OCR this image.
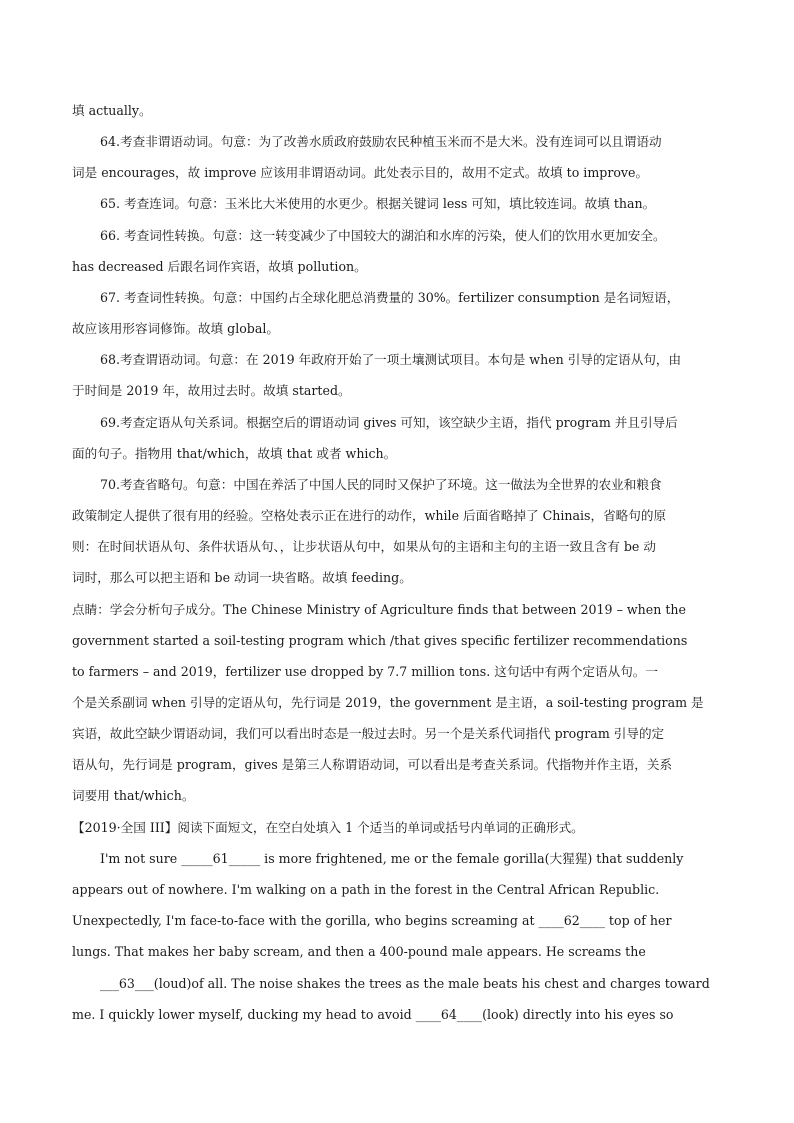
填 actually。
64.考查非谓语动词。句意：为了改善水质政府鼓励农民种植玉米而不是大米。没有连词可以且谓语动
词是 encourages，故 improve 应该用非谓语动词。此处表示目的，故用不定式。故填 to improve。
65. 考查连词。句意：玉米比大米使用的水更少。根据关键词 less 可知，填比较连词。故填 than。
66. 考查词性转换。句意：这一转变减少了中国较大的湖泊和水库的污染，使人们的饮用水更加安全。
has decreased 后跟名词作宾语，故填 pollution。
67. 考查词性转换。句意：中国约占全球化肥总消费量的 30%。fertilizer consumption 是名词短语，
故应该用形容词修饰。故填 global。
68.考查谓语动词。句意：在 2019 年政府开始了一项土壤测试项目。本句是 when 引导的定语从句，由
于时间是 2019 年，故用过去时。故填 started。
69.考查定语从句关系词。根据空后的谓语动词 gives 可知，该空缺少主语，指代 program 并且引导后
面的句子。指物用 that/which，故填 that 或者 which。
70.考查省略句。句意：中国在养活了中国人民的同时又保护了环境。这一做法为全世界的农业和粮食
政策制定人提供了很有用的经验。空格处表示正在进行的动作，while 后面省略掉了 Chinais，省略句的原
则：在时间状语从句、条件状语从句、，让步状语从句中，如果从句的主语和主句的主语一致且含有 be 动
词时，那么可以把主语和 be 动词一块省略。故填 feeding。
点睛：学会分析句子成分。The Chinese Ministry of Agriculture finds that between 2019 – when the
government started a soil-testing program which /that gives specific fertilizer recommendations
to farmers – and 2019，fertilizer use dropped by 7.7 million tons. 这句话中有两个定语从句。一
个是关系副词 when 引导的定语从句，先行词是 2019，the government 是主语，a soil-testing program 是
宾语，故此空缺少谓语动词，我们可以看出时态是一般过去时。另一个是关系代词指代 program 引导的定
语从句，先行词是 program，gives 是第三人称谓语动词，可以看出是考查关系词。代指物并作主语，关系
词要用 that/which。
【2019·全国 III】阅读下面短文，在空白处填入 1 个适当的单词或括号内单词的正确形式。
I'm not sure _____61_____ is more frightened, me or the female gorilla(大猩猩) that suddenly
appears out of nowhere. I'm walking on a path in the forest in the Central African Republic.
Unexpectedly, I'm face-to-face with the gorilla, who begins screaming at ____62____ top of her
lungs. That makes her baby scream, and then a 400-pound male appears. He screams the
___63___(loud)of all. The noise shakes the trees as the male beats his chest and charges toward
me. I quickly lower myself, ducking my head to avoid ____64____(look) directly into his eyes so
